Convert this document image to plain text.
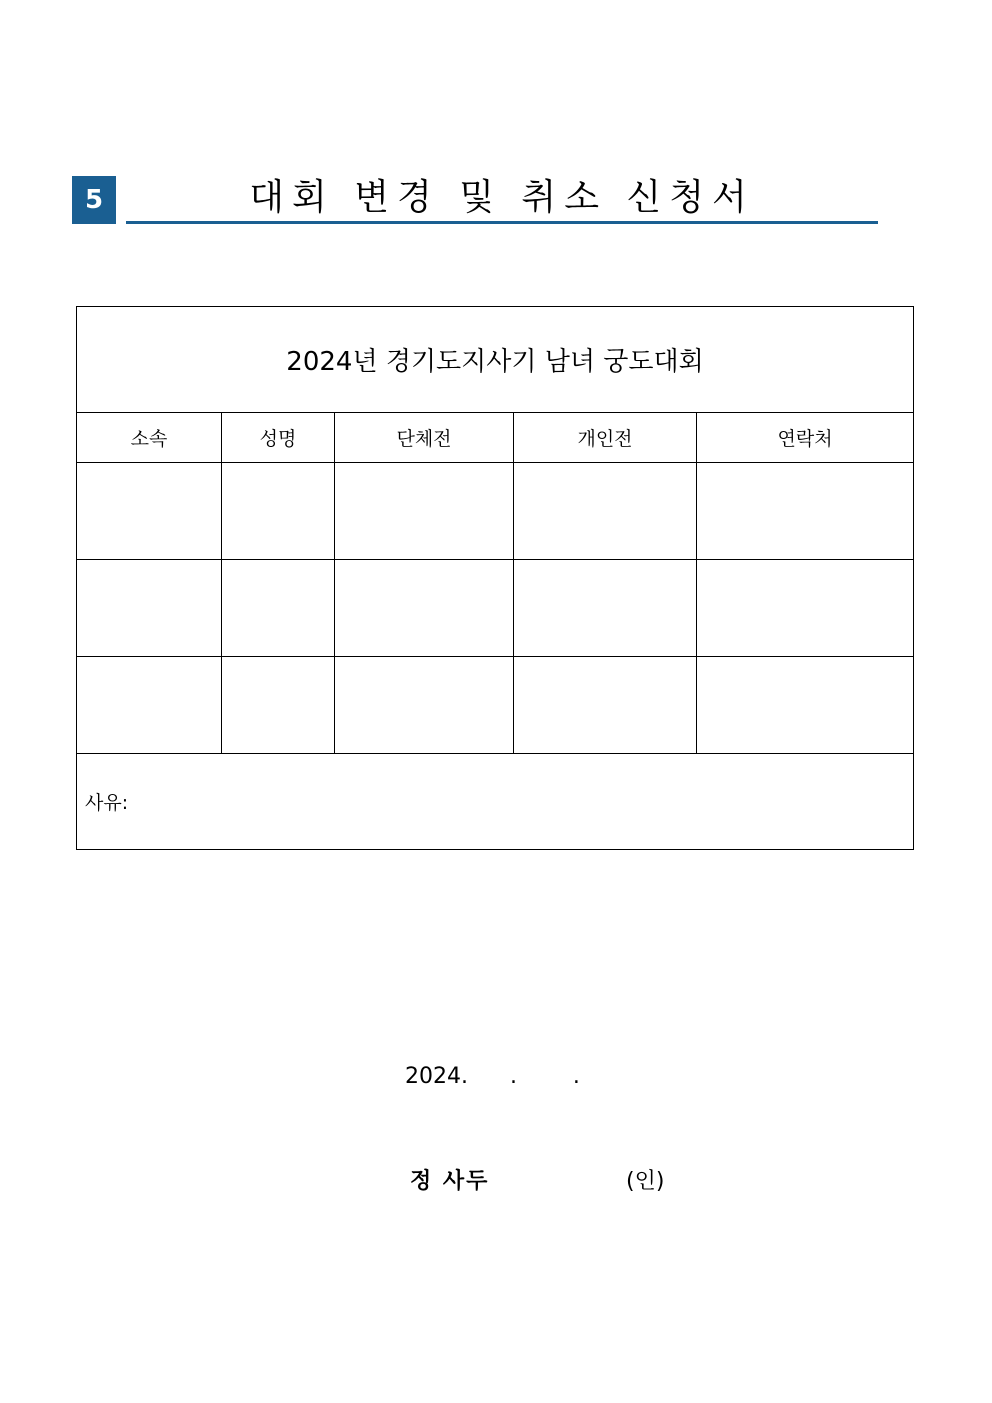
5	대회 변경 및 취소 신청서
2024년 경기도지사기 남녀 궁도대회				
소속	성명	단체전	개인전	연락처

사유:				
2024.      .        .
정 사두	(인)
